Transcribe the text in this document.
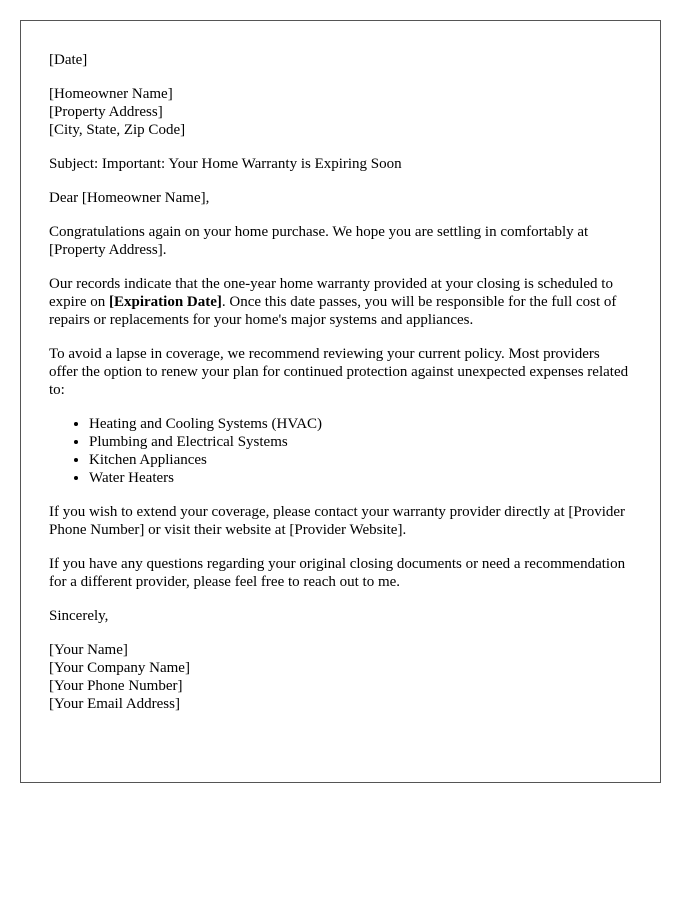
[Date]

[Homeowner Name]
[Property Address]
[City, State, Zip Code]

Subject: Important: Your Home Warranty is Expiring Soon

Dear [Homeowner Name],

Congratulations again on your home purchase. We hope you are settling in comfortably at [Property Address].

Our records indicate that the one-year home warranty provided at your closing is scheduled to expire on [Expiration Date]. Once this date passes, you will be responsible for the full cost of repairs or replacements for your home's major systems and appliances.

To avoid a lapse in coverage, we recommend reviewing your current policy. Most providers offer the option to renew your plan for continued protection against unexpected expenses related to:

• Heating and Cooling Systems (HVAC)
• Plumbing and Electrical Systems
• Kitchen Appliances
• Water Heaters

If you wish to extend your coverage, please contact your warranty provider directly at [Provider Phone Number] or visit their website at [Provider Website].

If you have any questions regarding your original closing documents or need a recommendation for a different provider, please feel free to reach out to me.

Sincerely,

[Your Name]
[Your Company Name]
[Your Phone Number]
[Your Email Address]
